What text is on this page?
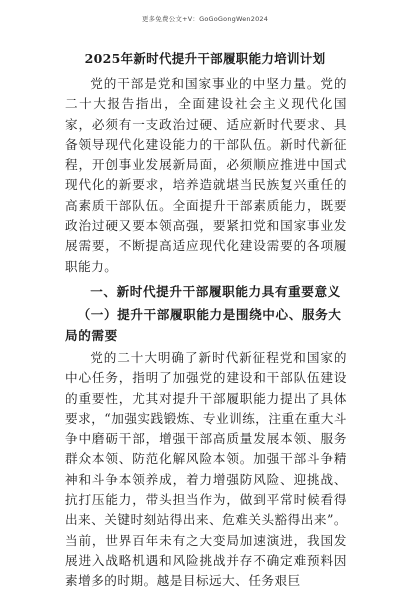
更多免费公文+V：GoGoGongWen2024
2025年新时代提升干部履职能力培训计划

党的干部是党和国家事业的中坚力量。党的二十大报告指出，全面建设社会主义现代化国家，必须有一支政治过硬、适应新时代要求、具备领导现代化建设能力的干部队伍。新时代新征程，开创事业发展新局面，必须顺应推进中国式现代化的新要求，培养造就堪当民族复兴重任的高素质干部队伍。全面提升干部素质能力，既要政治过硬又要本领高强，要紧扣党和国家事业发展需要，不断提高适应现代化建设需要的各项履职能力。

一、新时代提升干部履职能力具有重要意义
（一）提升干部履职能力是围绕中心、服务大局的需要

党的二十大明确了新时代新征程党和国家的中心任务，指明了加强党的建设和干部队伍建设的重要性，尤其对提升干部履职能力提出了具体要求，“加强实践锻炼、专业训练，注重在重大斗争中磨砺干部，增强干部高质量发展本领、服务群众本领、防范化解风险本领。加强干部斗争精神和斗争本领养成，着力增强防风险、迎挑战、抗打压能力，带头担当作为，做到平常时候看得出来、关键时刻站得出来、危难关头豁得出来”。当前，世界百年未有之大变局加速演进，我国发展进入战略机遇和风险挑战并存不确定难预料因素增多的时期。越是目标远大、任务艰巨
